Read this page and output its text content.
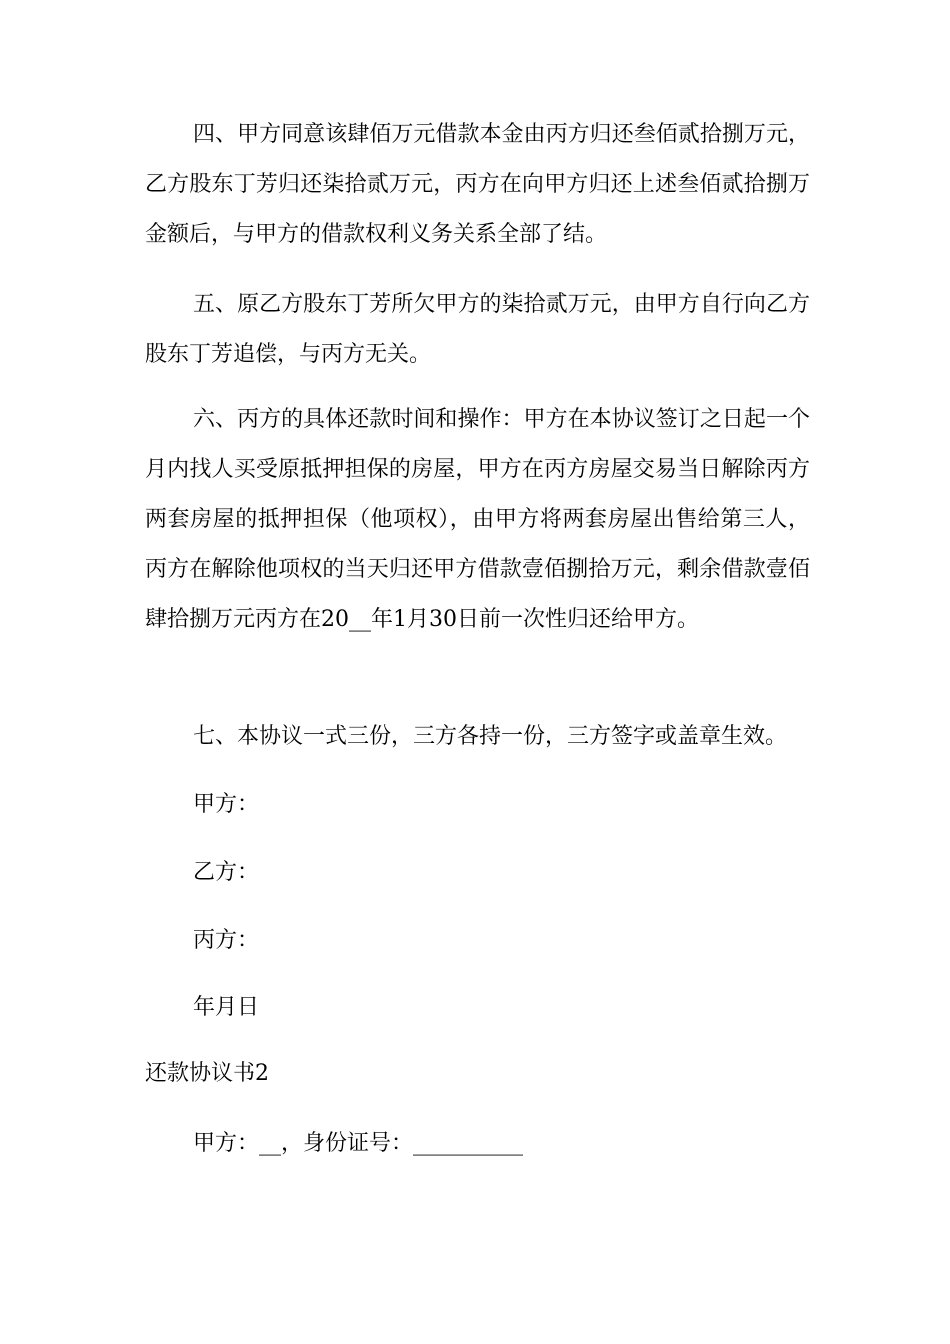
四、甲方同意该肆佰万元借款本金由丙方归还叁佰贰拾捌万元，乙方股东丁芳归还柒拾贰万元，丙方在向甲方归还上述叁佰贰拾捌万金额后，与甲方的借款权利义务关系全部了结。

五、原乙方股东丁芳所欠甲方的柒拾贰万元，由甲方自行向乙方股东丁芳追偿，与丙方无关。

六、丙方的具体还款时间和操作：甲方在本协议签订之日起一个月内找人买受原抵押担保的房屋，甲方在丙方房屋交易当日解除丙方两套房屋的抵押担保（他项权），由甲方将两套房屋出售给第三人，丙方在解除他项权的当天归还甲方借款壹佰捌拾万元，剩余借款壹佰肆拾捌万元丙方在20__年1月30日前一次性归还给甲方。

七、本协议一式三份，三方各持一份，三方签字或盖章生效。

甲方：
乙方：
丙方：
年月日
还款协议书2
甲方：__，身份证号：__________
